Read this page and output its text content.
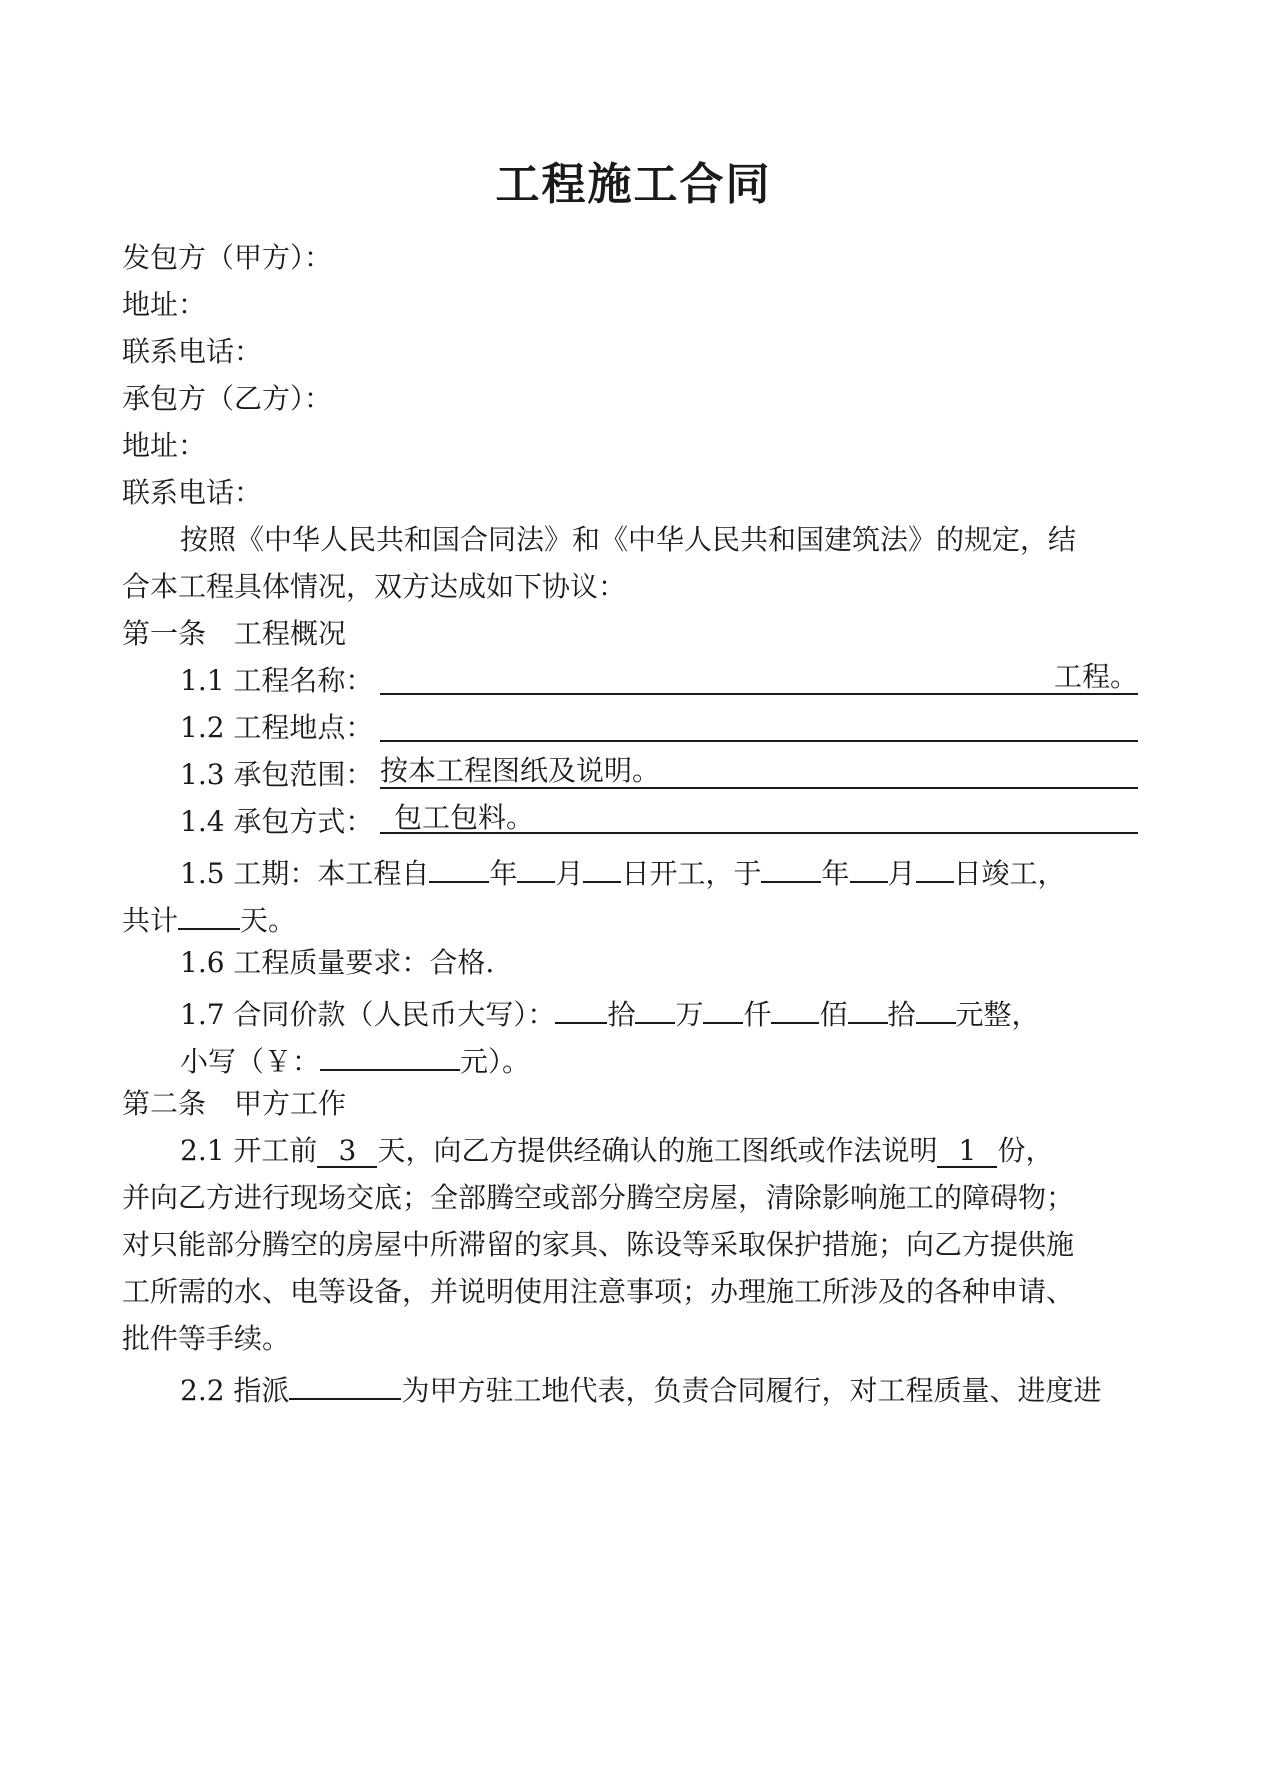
工程施工合同
发包方（甲方）：
地址：
联系电话：
承包方（乙方）：
地址：
联系电话：
按照《中华人民共和国合同法》和《中华人民共和国建筑法》的规定，结
合本工程具体情况，双方达成如下协议：
第一条　工程概况
1.1 工程名称：	工程。
1.2 工程地点：
1.3 承包范围： 按本工程图纸及说明。
1.4 承包方式： 包工包料。
1.5 工期：本工程自 年 月 日开工，于 年 月 日竣工，
共计 天。
1.6 工程质量要求：合格.
1.7 合同价款（人民币大写）： 拾 万 仟 佰 拾 元整，
小写（￥：	元）。
第二条　甲方工作
2.1 开工前 3 天，向乙方提供经确认的施工图纸或作法说明 1 份，
并向乙方进行现场交底；全部腾空或部分腾空房屋，清除影响施工的障碍物；
对只能部分腾空的房屋中所滞留的家具、陈设等采取保护措施；向乙方提供施
工所需的水、电等设备，并说明使用注意事项；办理施工所涉及的各种申请、
批件等手续。
2.2 指派	为甲方驻工地代表，负责合同履行，对工程质量、进度进
